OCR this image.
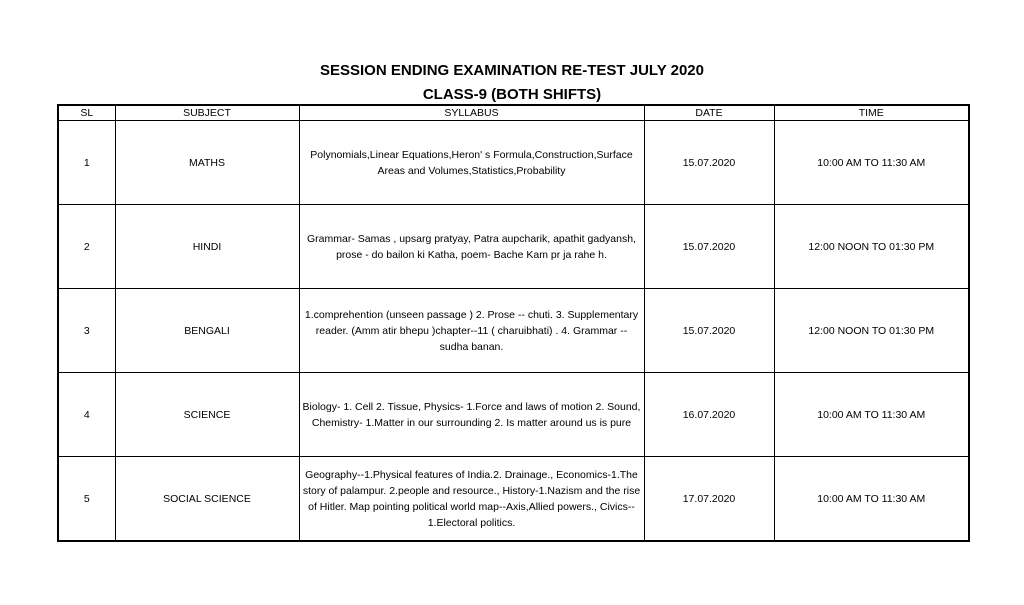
SESSION ENDING EXAMINATION RE-TEST JULY 2020
CLASS-9 (BOTH SHIFTS)
SL	SUBJECT	SYLLABUS	DATE	TIME
1	MATHS	Polynomials,Linear Equations,Heron' s Formula,Construction,Surface Areas and Volumes,Statistics,Probability	15.07.2020	10:00 AM TO 11:30 AM
2	HINDI	Grammar- Samas , upsarg pratyay, Patra aupcharik, apathit gadyansh, prose - do bailon ki Katha, poem- Bache Kam pr ja rahe h.	15.07.2020	12:00 NOON TO 01:30 PM
3	BENGALI	1.comprehention (unseen passage ) 2. Prose -- chuti. 3. Supplementary reader. (Amm atir bhepu )chapter--11 ( charuibhati) . 4. Grammar -- sudha banan.	15.07.2020	12:00 NOON TO 01:30 PM
4	SCIENCE	Biology- 1. Cell 2. Tissue, Physics- 1.Force and laws of motion 2. Sound, Chemistry- 1.Matter in our surrounding 2. Is matter around us is pure	16.07.2020	10:00 AM TO 11:30 AM
5	SOCIAL SCIENCE	Geography--1.Physical features of India.2. Drainage., Economics-1.The story of palampur. 2.people and resource., History-1.Nazism and the rise of Hitler. Map pointing political world map--Axis,Allied powers., Civics-- 1.Electoral politics.	17.07.2020	10:00 AM TO 11:30 AM
